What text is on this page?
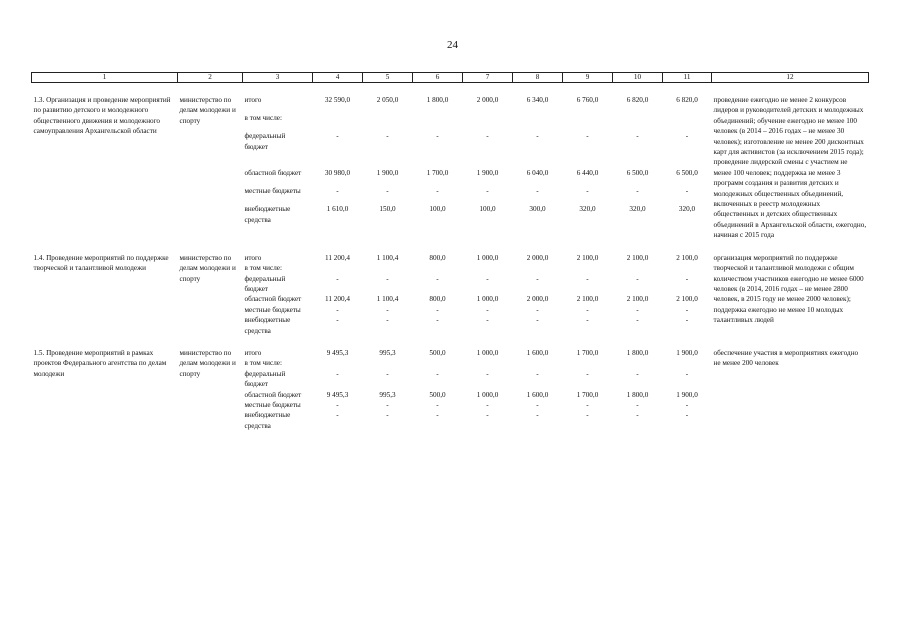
24
1	2	3	4	5	6	7	8	9	10	11	12

1.3. Организация и проведение мероприятий по развитию детского и молодежного общественного движения и молодежного самоуправления Архангельской области	министерство по делам молодежи и спорту	итого	32 590,0	2 050,0	1 800,0	2 000,0	6 340,0	6 760,0	6 820,0	6 820,0	проведение ежегодно не менее 2 конкурсов лидеров и руководителей детских и молодежных объединений; обучение ежегодно не менее 100 человек (в 2014 – 2016 годах – не менее 30 человек); изготовление не менее 200 дисконтных карт для активистов (за исключением 2015 года); проведение лидерской смены с участием не менее 100 человек; поддержка не менее 3 программ создания и развития детских и молодежных общественных объединений, включенных в реестр молодежных общественных и детских общественных объединений в Архангельской области, ежегодно, начиная с 2015 года
		в том числе:									
		федеральный бюджет	-	-	-	-	-	-	-	-	
		областной бюджет	30 980,0	1 900,0	1 700,0	1 900,0	6 040,0	6 440,0	6 500,0	6 500,0	
		местные бюджеты	-	-	-	-	-	-	-	-	
		внебюджетные средства	1 610,0	150,0	100,0	100,0	300,0	320,0	320,0	320,0	

1.4. Проведение мероприятий по поддержке творческой и талантливой молодежи	министерство по делам молодежи и спорту	итого	11 200,4	1 100,4	800,0	1 000,0	2 000,0	2 100,0	2 100,0	2 100,0	организация мероприятий по поддержке творческой и талантливой молодежи с общим количеством участников ежегодно не менее 6000 человек (в 2014, 2016 годах – не менее 2800 человек, в 2015 году не менее 2000 человек); поддержка ежегодно не менее 10 молодых талантливых людей
		в том числе:									
		федеральный бюджет	-	-	-	-	-	-	-	-	
		областной бюджет	11 200,4	1 100,4	800,0	1 000,0	2 000,0	2 100,0	2 100,0	2 100,0	
		местные бюджеты	-	-	-	-	-	-	-	-	
		внебюджетные средства	-	-	-	-	-	-	-	-	

1.5. Проведение мероприятий в рамках проектов Федерального агентства по делам молодежи	министерство по делам молодежи и спорту	итого	9 495,3	995,3	500,0	1 000,0	1 600,0	1 700,0	1 800,0	1 900,0	обеспечение участия в мероприятиях ежегодно не менее 200 человек
		в том числе:									
		федеральный бюджет	-	-	-	-	-	-	-	-	
		областной бюджет	9 495,3	995,3	500,0	1 000,0	1 600,0	1 700,0	1 800,0	1 900,0	
		местные бюджеты	-	-	-	-	-	-	-	-	
		внебюджетные средства	-	-	-	-	-	-	-	-	
